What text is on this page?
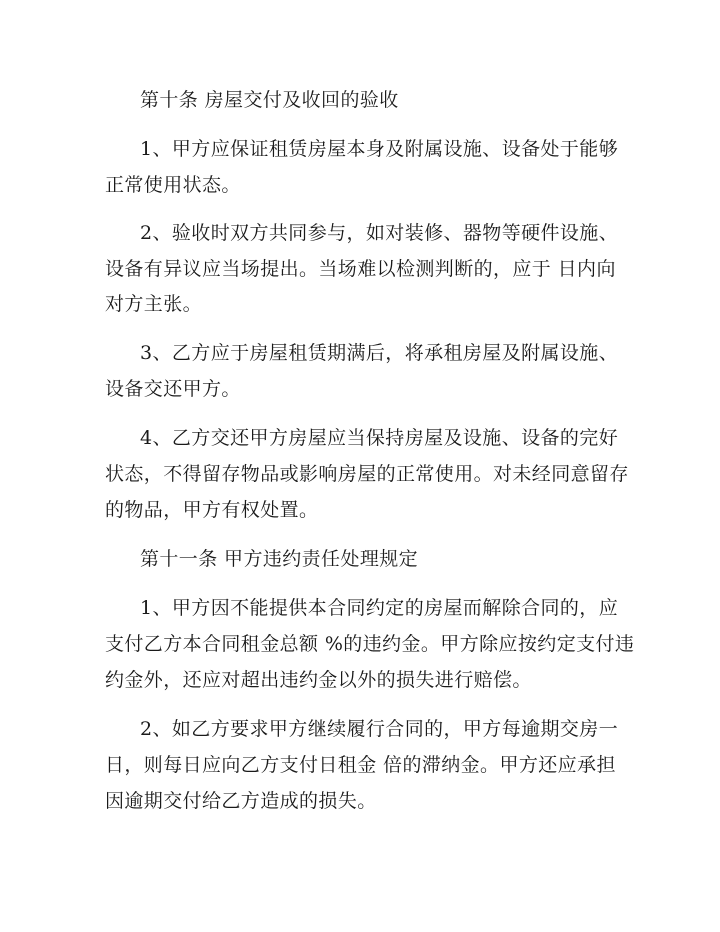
第十条 房屋交付及收回的验收
1、甲方应保证租赁房屋本身及附属设施、设备处于能够
正常使用状态。
2、验收时双方共同参与，如对装修、器物等硬件设施、
设备有异议应当场提出。当场难以检测判断的，应于 日内向
对方主张。
3、乙方应于房屋租赁期满后，将承租房屋及附属设施、
设备交还甲方。
4、乙方交还甲方房屋应当保持房屋及设施、设备的完好
状态，不得留存物品或影响房屋的正常使用。对未经同意留存
的物品，甲方有权处置。
第十一条 甲方违约责任处理规定
1、甲方因不能提供本合同约定的房屋而解除合同的，应
支付乙方本合同租金总额 %的违约金。甲方除应按约定支付违
约金外，还应对超出违约金以外的损失进行赔偿。
2、如乙方要求甲方继续履行合同的，甲方每逾期交房一
日，则每日应向乙方支付日租金 倍的滞纳金。甲方还应承担
因逾期交付给乙方造成的损失。
